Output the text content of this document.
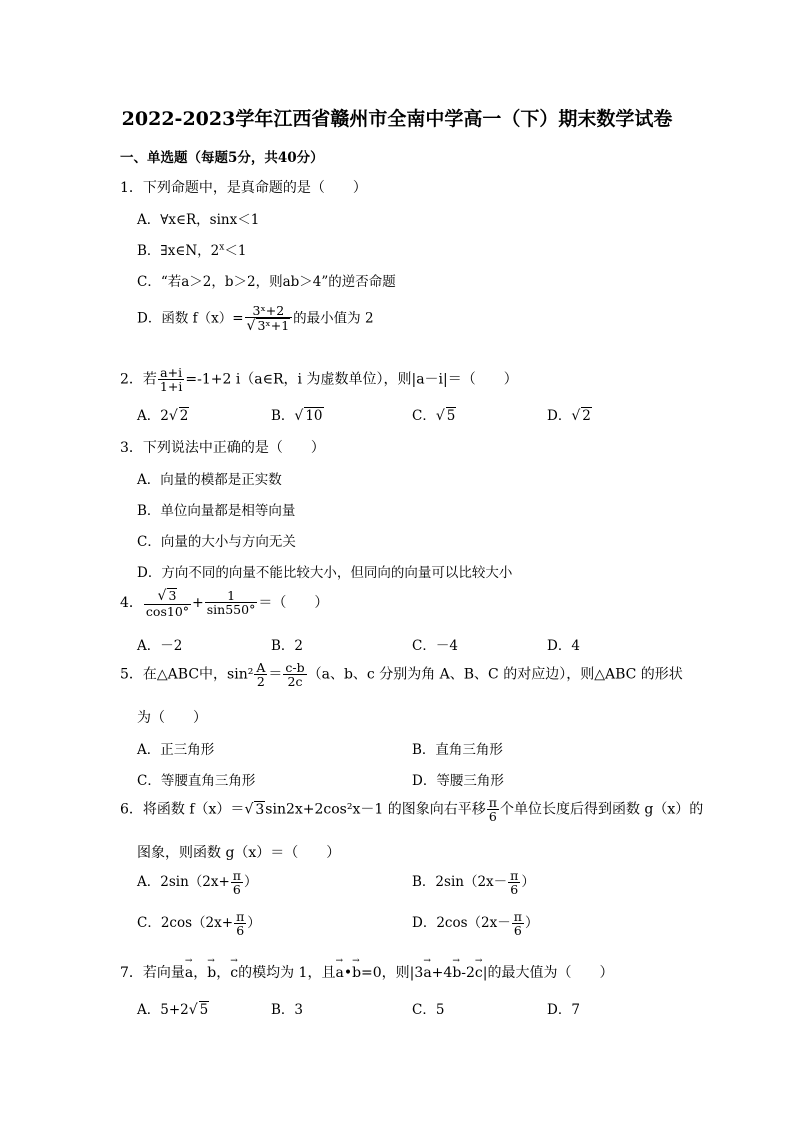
2022-2023学年江西省赣州市全南中学高一（下）期末数学试卷
一、单选题（每题5分，共40分）
1．下列命题中，是真命题的是（　　）
A．∀x∈R，sinx＜1
B．∃x∈N，$2^x<1$
C．“若a＞2，b＞2，则ab＞4”的逆否命题
D．函数 $f(x)= \frac{\text{3ˣ+2}}{\text{√ 3ˣ+1}}$ 的最小值为 2
2．若 $\frac{a+i}{1+i} =-1+2$ i（a∈R，i 为虚数单位），则|a－i|＝（　　）
A．2√ 2	B．√ 10	C．√ 5	D．√ 2
3．下列说法中正确的是（　　）
A．向量的模都是正实数
B．单位向量都是相等向量
C．向量的大小与方向无关
D．方向不同的向量不能比较大小，但同向的向量可以比较大小
4． $\frac{√ 3}{\cos 10^\circ} + \frac{1}{\sin 550^\circ}$ ＝（　　）
A．－2	B．2	C．－4	D．4
5．在△ABC中，$\sin^2 \frac{A}{2} = \frac{c-b}{2c} (a$、b、c 分别为角 A、B、C 的对应边），则△ABC 的形状
为（　　）
A．正三角形	B．直角三角形
C．等腰直角三角形	D．等腰三角形
6．将函数 f（x）＝√ 3sin2x+2cos²x－1 的图象向右平移 $\frac{\pi}{6}$ 个单位长度后得到函数 g（x）的
图象，则函数 g（x）＝（　　）
A．$2\sin(2x+ \frac{\pi}{6}$ ）	B．$2\sin(2x- \frac{\pi}{6}$ ）
C．$2\cos(2x+ \frac{\pi}{6}$ ）	D．$2\cos(2x- \frac{\pi}{6}$ ）
7．若向量→ a，→ b，→ c的模均为 1，且→ a•→ b=0，则|3→ a+4→ b-2→ c|的最大值为（　　）
A．5+2√ 5	B．3	C．5	D．7
